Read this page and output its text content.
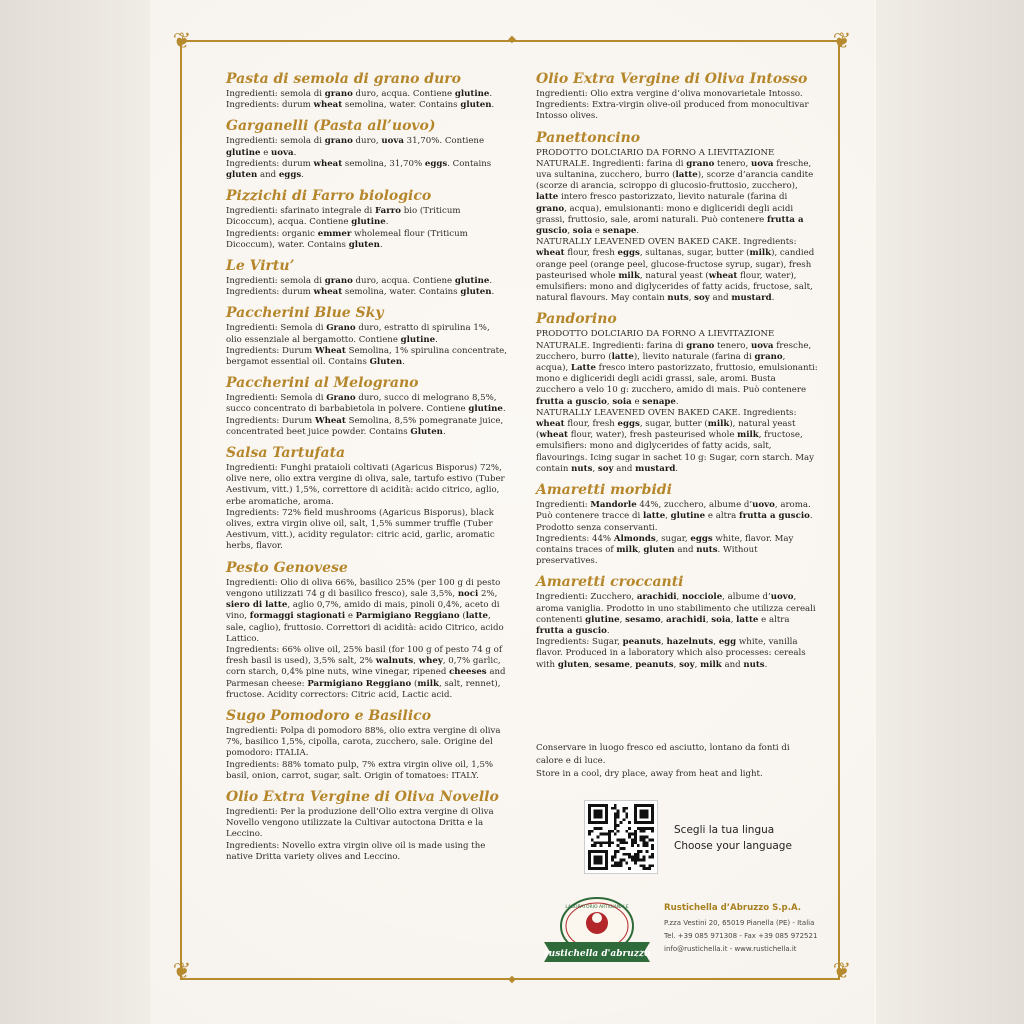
❦	❦
❦	❦
◆
◆
Pasta di semola di grano duro

Ingredienti: semola di grano duro, acqua. Contiene glutine.

Ingredients: durum wheat semolina, water. Contains gluten.

Garganelli (Pasta all’uovo)

Ingredienti: semola di grano duro, uova 31,70%. Contiene glutine e uova.

Ingredients: durum wheat semolina, 31,70% eggs. Contains gluten and eggs.

Pizzichi di Farro biologico

Ingredienti: sfarinato integrale di Farro bio (Triticum Dicoccum), acqua. Contiene glutine.

Ingredients: organic emmer wholemeal flour (Triticum Dicoccum), water. Contains gluten.

Le Virtu’

Ingredienti: semola di grano duro, acqua. Contiene glutine.

Ingredients: durum wheat semolina, water. Contains gluten.

Paccherini Blue Sky

Ingredienti: Semola di Grano duro, estratto di spirulina 1%, olio essenziale al bergamotto. Contiene glutine.

Ingredients: Durum Wheat Semolina, 1% spirulina concentrate, bergamot essential oil. Contains Gluten.

Paccherini al Melograno

Ingredienti: Semola di Grano duro, succo di melograno 8,5%, succo concentrato di barbabietola in polvere. Contiene glutine.

Ingredients: Durum Wheat Semolina, 8,5% pomegranate juice, concentrated beet juice powder. Contains Gluten.

Salsa Tartufata

Ingredienti: Funghi prataioli coltivati (Agaricus Bisporus) 72%, olive nere, olio extra vergine di oliva, sale, tartufo estivo (Tuber Aestivum, vitt.) 1,5%, correttore di acidità: acido citrico, aglio, erbe aromatiche, aroma.

Ingredients: 72% field mushrooms (Agaricus Bisporus), black olives, extra virgin olive oil, salt, 1,5% summer truffle (Tuber Aestivum, vitt.), acidity regulator: citric acid, garlic, aromatic herbs, flavor.

Pesto Genovese

Ingredienti: Olio di oliva 66%, basilico 25% (per 100 g di pesto vengono utilizzati 74 g di basilico fresco), sale 3,5%, noci 2%, siero di latte, aglio 0,7%, amido di mais, pinoli 0,4%, aceto di vino, formaggi stagionati e Parmigiano Reggiano (latte, sale, caglio), fruttosio. Correttori di acidità: acido Citrico, acido Lattico.

Ingredients: 66% olive oil, 25% basil (for 100 g of pesto 74 g of fresh basil is used), 3,5% salt, 2% walnuts, whey, 0,7% garlic, corn starch, 0,4% pine nuts, wine vinegar, ripened cheeses and Parmesan cheese: Parmigiano Reggiano (milk, salt, rennet), fructose. Acidity correctors: Citric acid, Lactic acid.

Sugo Pomodoro e Basilico

Ingredienti: Polpa di pomodoro 88%, olio extra vergine di oliva 7%, basilico 1,5%, cipolla, carota, zucchero, sale. Origine del pomodoro: ITALIA.

Ingredients: 88% tomato pulp, 7% extra virgin olive oil, 1,5% basil, onion, carrot, sugar, salt. Origin of tomatoes: ITALY.

Olio Extra Vergine di Oliva Novello

Ingredienti: Per la produzione dell’Olio extra vergine di Oliva Novello vengono utilizzate la Cultivar autoctona Dritta e la Leccino.

Ingredients: Novello extra virgin olive oil is made using the native Dritta variety olives and Leccino.

Olio Extra Vergine di Oliva Intosso

Ingredienti: Olio extra vergine d’oliva monovarietale Intosso.

Ingredients: Extra-virgin olive-oil produced from monocultivar Intosso olives.

Panettoncino

PRODOTTO DOLCIARIO DA FORNO A LIEVITAZIONE NATURALE. Ingredienti: farina di grano tenero, uova fresche, uva sultanina, zucchero, burro (latte), scorze d’arancia candite (scorze di arancia, sciroppo di glucosio-fruttosio, zucchero), latte intero fresco pastorizzato, lievito naturale (farina di grano, acqua), emulsionanti: mono e digliceridi degli acidi grassi, fruttosio, sale, aromi naturali. Può contenere frutta a guscio, soia e senape.

NATURALLY LEAVENED OVEN BAKED CAKE. Ingredients: wheat flour, fresh eggs, sultanas, sugar, butter (milk), candied orange peel (orange peel, glucose-fructose syrup, sugar), fresh pasteurised whole milk, natural yeast (wheat flour, water), emulsifiers: mono and diglycerides of fatty acids, fructose, salt, natural flavours. May contain nuts, soy and mustard.

Pandorino

PRODOTTO DOLCIARIO DA FORNO A LIEVITAZIONE NATURALE. Ingredienti: farina di grano tenero, uova fresche, zucchero, burro (latte), lievito naturale (farina di grano, acqua), Latte fresco intero pastorizzato, fruttosio, emulsionanti: mono e digliceridi degli acidi grassi, sale, aromi. Busta zucchero a velo 10 g: zucchero, amido di mais. Può contenere frutta a guscio, soia e senape.

NATURALLY LEAVENED OVEN BAKED CAKE. Ingredients: wheat flour, fresh eggs, sugar, butter (milk), natural yeast (wheat flour, water), fresh pasteurised whole milk, fructose, emulsifiers: mono and diglycerides of fatty acids, salt, flavourings. Icing sugar in sachet 10 g: Sugar, corn starch. May contain nuts, soy and mustard.

Amaretti morbidi

Ingredienti: Mandorle 44%, zucchero, albume d’uovo, aroma. Può contenere tracce di latte, glutine e altra frutta a guscio. Prodotto senza conservanti.

Ingredients: 44% Almonds, sugar, eggs white, flavor. May contains traces of milk, gluten and nuts. Without preservatives.

Amaretti croccanti

Ingredienti: Zucchero, arachidi, nocciole, albume d’uovo, aroma vaniglia. Prodotto in uno stabilimento che utilizza cereali contenenti glutine, sesamo, arachidi, soia, latte e altra frutta a guscio.

Ingredients: Sugar, peanuts, hazelnuts, egg white, vanilla flavor. Produced in a laboratory which also processes: cereals with gluten, sesame, peanuts, soy, milk and nuts.

Conservare in luogo fresco ed asciutto, lontano da fonti di calore e di luce.

Store in a cool, dry place, away from heat and light.

Scegli la tua lingua
Choose your language
LABORATORIO ARTIGIANALE
rustichella d'abruzzo

Rustichella d’Abruzzo S.p.A.

P.zza Vestini 20, 65019 Pianella (PE) - Italia

Tel. +39 085 971308 - Fax +39 085 972521

info@rustichella.it - www.rustichella.it
